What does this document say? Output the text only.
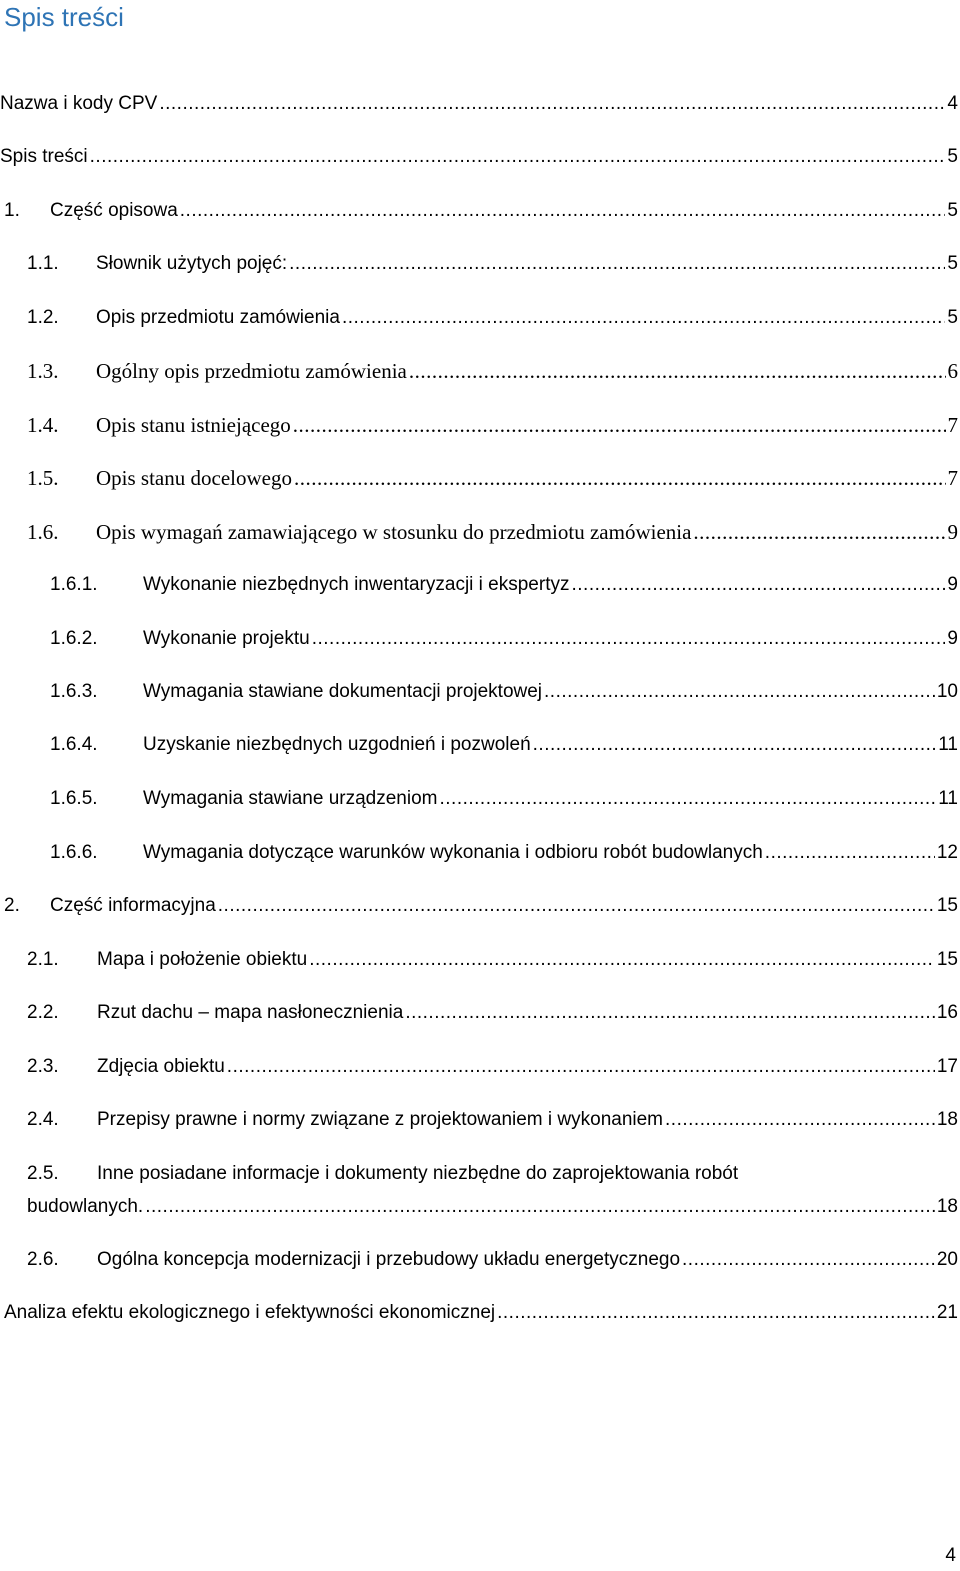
Spis treści
Nazwa i kody CPV .....	4
Spis treści .....	5
1.	Część opisowa .....	5
1.1.	Słownik użytych pojęć: .....	5
1.2.	Opis przedmiotu zamówienia .....	5
1.3.	Ogólny opis przedmiotu zamówienia .....	6
1.4.	Opis stanu istniejącego .....	7
1.5.	Opis stanu docelowego .....	7
1.6.	Opis wymagań zamawiającego w stosunku do przedmiotu zamówienia .....	9
1.6.1.	Wykonanie niezbędnych inwentaryzacji i ekspertyz .....	9
1.6.2.	Wykonanie projektu .....	9
1.6.3.	Wymagania stawiane dokumentacji projektowej .....	10
1.6.4.	Uzyskanie niezbędnych uzgodnień i pozwoleń .....	11
1.6.5.	Wymagania stawiane urządzeniom .....	11
1.6.6.	Wymagania dotyczące warunków wykonania i odbioru robót budowlanych .....	12
2.	Część informacyjna .....	15
2.1.	Mapa i położenie obiektu .....	15
2.2.	Rzut dachu – mapa nasłonecznienia .....	16
2.3.	Zdjęcia obiektu .....	17
2.4.	Przepisy prawne i normy związane z projektowaniem i wykonaniem .....	18
2.5. Inne posiadane informacje i dokumenty niezbędne do zaprojektowania robót
budowlanych. .....	18
2.6.	Ogólna koncepcja modernizacji i przebudowy układu energetycznego .....	20
Analiza efektu ekologicznego i efektywności ekonomicznej .....	21
4
